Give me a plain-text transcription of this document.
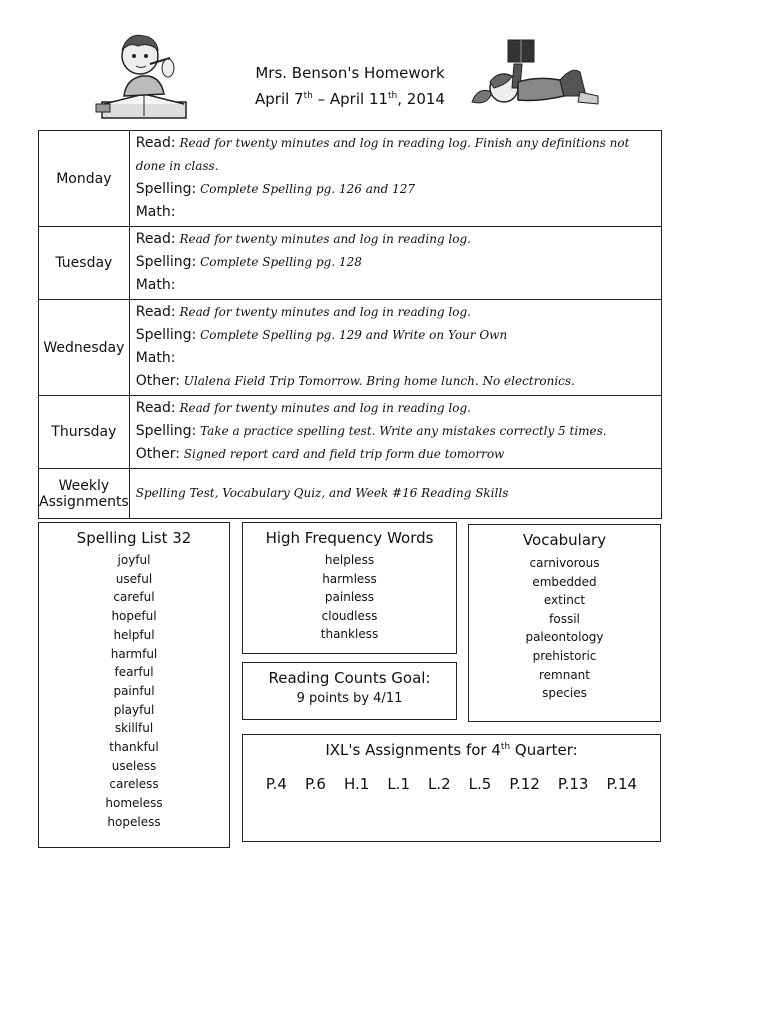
Mrs. Benson's Homework
April 7th – April 11th, 2014
Monday	Read: Read for twenty minutes and log in reading log. Finish any definitions not done in class.
Spelling: Complete Spelling pg. 126 and 127
Math:

Tuesday	Read: Read for twenty minutes and log in reading log.
Spelling: Complete Spelling pg. 128
Math:

Wednesday	Read: Read for twenty minutes and log in reading log.
Spelling: Complete Spelling pg. 129 and Write on Your Own
Math:
Other: Ulalena Field Trip Tomorrow. Bring home lunch. No electronics.

Thursday	Read: Read for twenty minutes and log in reading log.
Spelling: Take a practice spelling test. Write any mistakes correctly 5 times.
Other: Signed report card and field trip form due tomorrow

Weekly Assignments	Spelling Test, Vocabulary Quiz, and Week #16 Reading Skills
Spelling List 32
joyful
useful
careful
hopeful
helpful
harmful
fearful
painful
playful
skillful
thankful
useless
careless
homeless
hopeless
High Frequency Words
helpless
harmless
painless
cloudless
thankless
Vocabulary
carnivorous
embedded
extinct
fossil
paleontology
prehistoric
remnant
species
Reading Counts Goal:
9 points by 4/11
IXL's Assignments for 4th Quarter:
P.4 P.6 H.1 L.1 L.2 L.5 P.12 P.13 P.14
